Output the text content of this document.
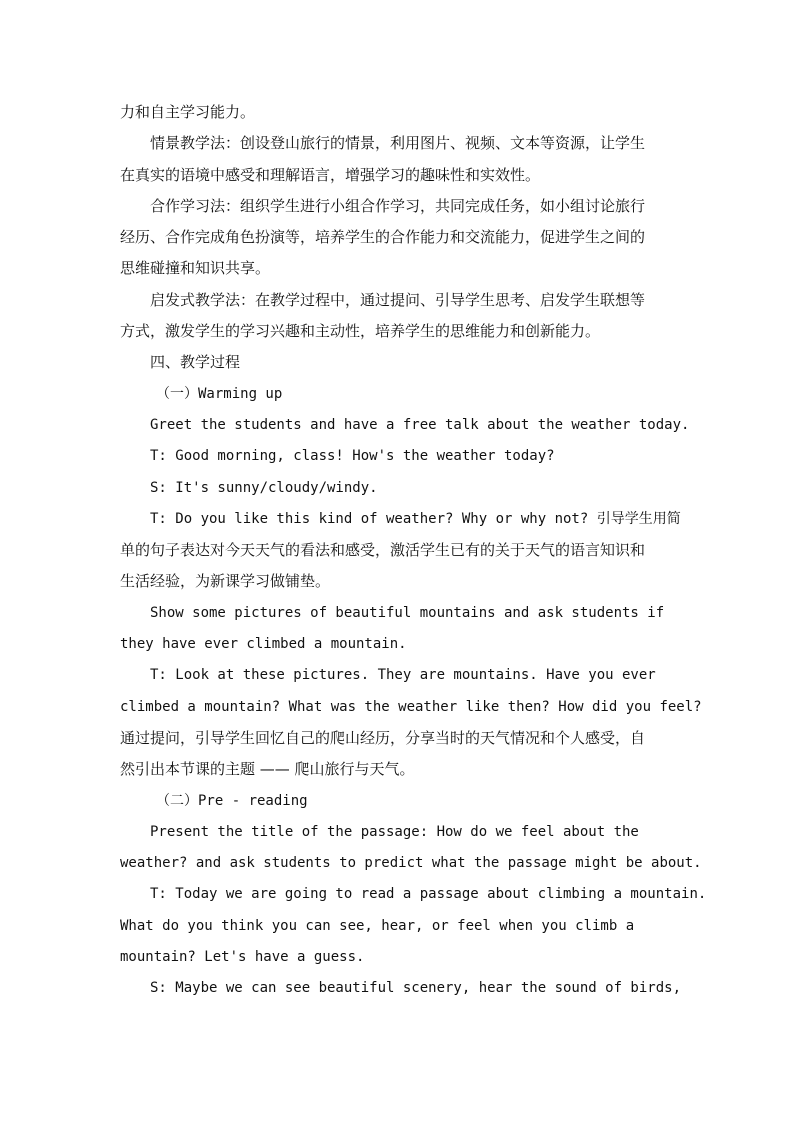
力和自主学习能力。
情景教学法：创设登山旅行的情景，利用图片、视频、文本等资源，让学生
在真实的语境中感受和理解语言，增强学习的趣味性和实效性。
合作学习法：组织学生进行小组合作学习，共同完成任务，如小组讨论旅行
经历、合作完成角色扮演等，培养学生的合作能力和交流能力，促进学生之间的
思维碰撞和知识共享。
启发式教学法：在教学过程中，通过提问、引导学生思考、启发学生联想等
方式，激发学生的学习兴趣和主动性，培养学生的思维能力和创新能力。
四、教学过程
（一）Warming up
Greet the students and have a free talk about the weather today.
T: Good morning, class! How's the weather today?
S: It's sunny/cloudy/windy.
T: Do you like this kind of weather? Why or why not? 引导学生用简
单的句子表达对今天天气的看法和感受，激活学生已有的关于天气的语言知识和
生活经验，为新课学习做铺垫。
Show some pictures of beautiful mountains and ask students if
they have ever climbed a mountain.
T: Look at these pictures. They are mountains. Have you ever
climbed a mountain? What was the weather like then? How did you feel?
通过提问，引导学生回忆自己的爬山经历，分享当时的天气情况和个人感受，自
然引出本节课的主题 —— 爬山旅行与天气。
（二）Pre - reading
Present the title of the passage: How do we feel about the
weather? and ask students to predict what the passage might be about.
T: Today we are going to read a passage about climbing a mountain.
What do you think you can see, hear, or feel when you climb a
mountain? Let's have a guess.
S: Maybe we can see beautiful scenery, hear the sound of birds,
